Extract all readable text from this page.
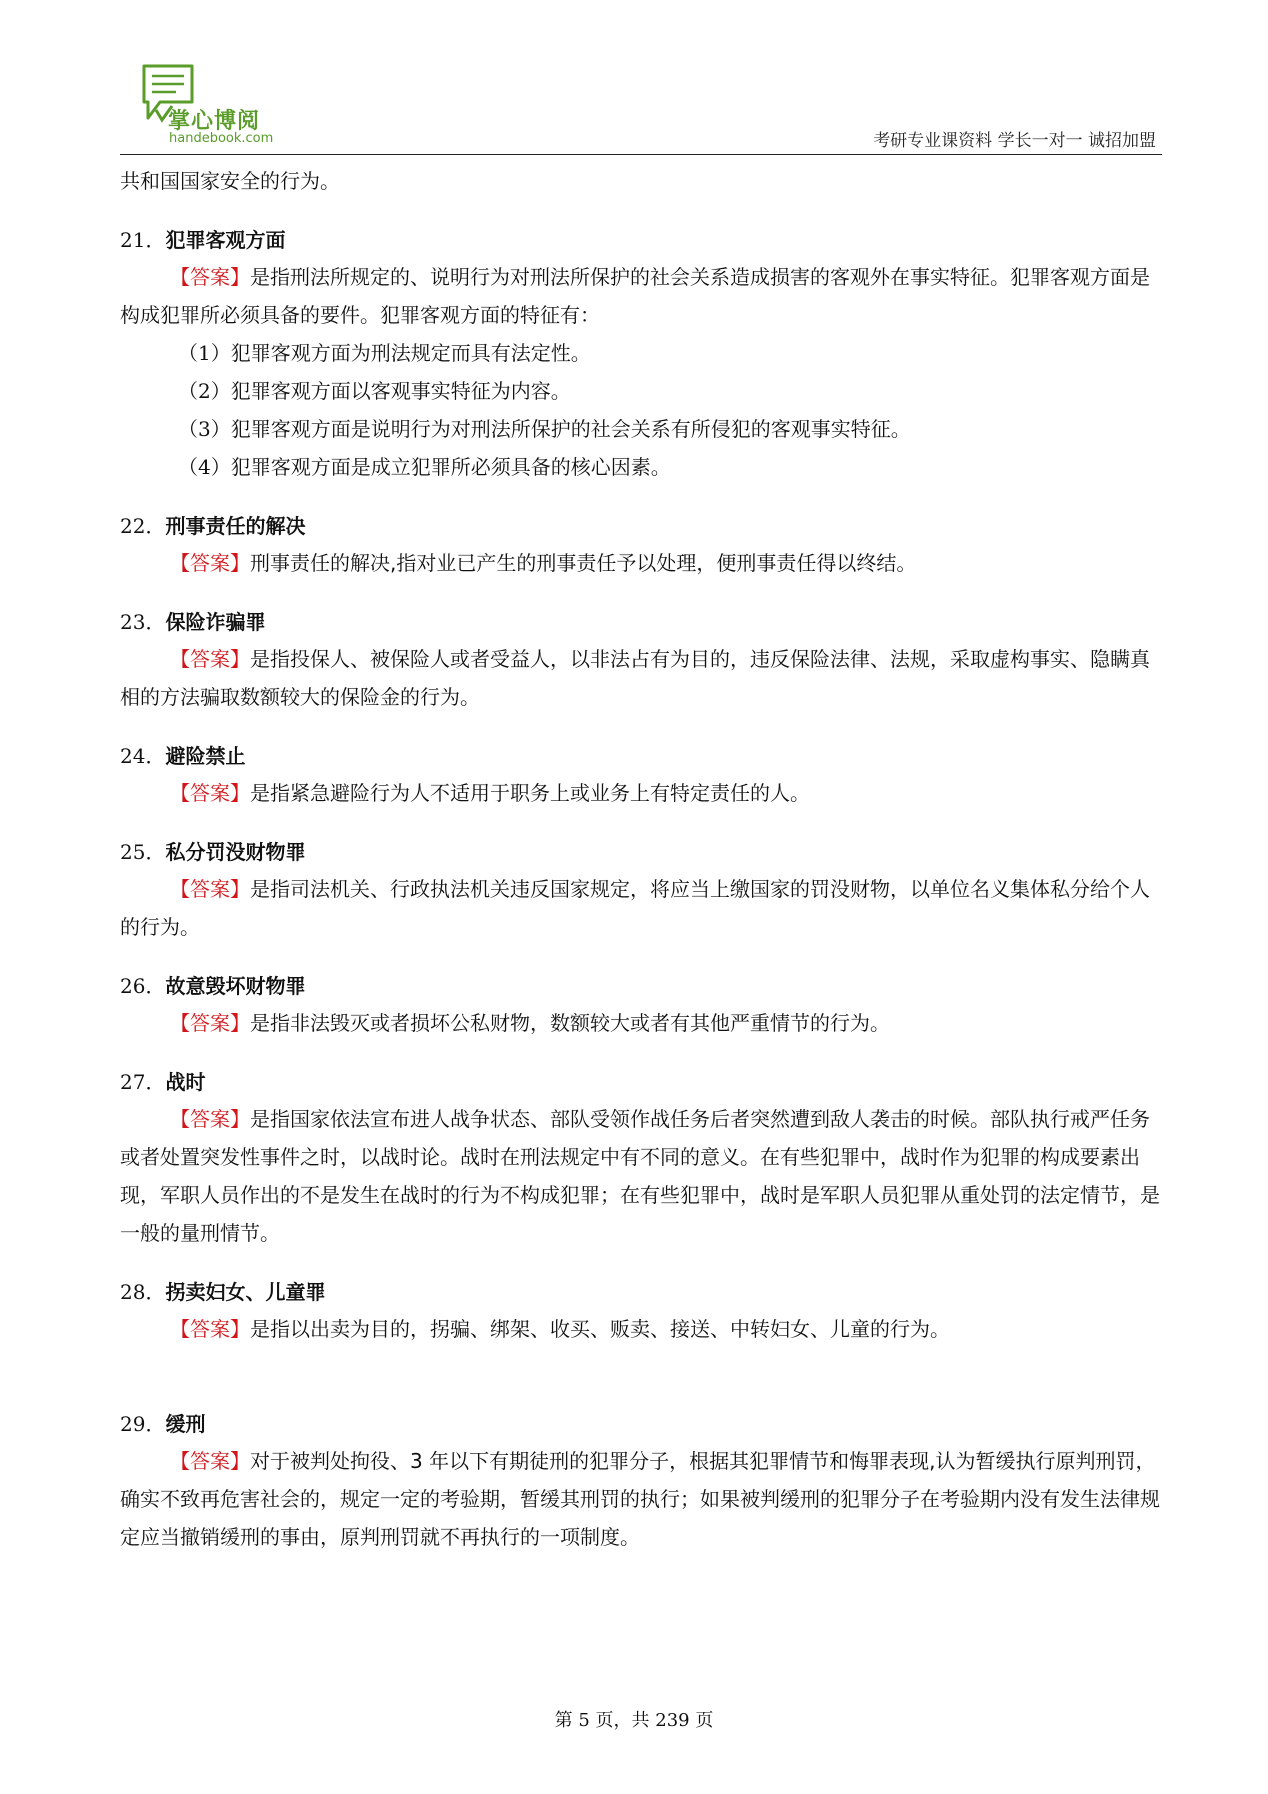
掌心博阅
handebook.com	考研专业课资料 学长一对一 诚招加盟

共和国国家安全的行为。

21．犯罪客观方面

【答案】是指刑法所规定的、说明行为对刑法所保护的社会关系造成损害的客观外在事实特征。犯罪客观方面是构成犯罪所必须具备的要件。犯罪客观方面的特征有：

（1）犯罪客观方面为刑法规定而具有法定性。

（2）犯罪客观方面以客观事实特征为内容。

（3）犯罪客观方面是说明行为对刑法所保护的社会关系有所侵犯的客观事实特征。

（4）犯罪客观方面是成立犯罪所必须具备的核心因素。

22．刑事责任的解决

【答案】刑事责任的解决,指对业已产生的刑事责任予以处理，便刑事责任得以终结。

23．保险诈骗罪

【答案】是指投保人、被保险人或者受益人，以非法占有为目的，违反保险法律、法规，采取虚构事实、隐瞒真相的方法骗取数额较大的保险金的行为。

24．避险禁止

【答案】是指紧急避险行为人不适用于职务上或业务上有特定责任的人。

25．私分罚没财物罪

【答案】是指司法机关、行政执法机关违反国家规定，将应当上缴国家的罚没财物，以单位名义集体私分给个人的行为。

26．故意毁坏财物罪

【答案】是指非法毁灭或者损坏公私财物，数额较大或者有其他严重情节的行为。

27．战时

【答案】是指国家依法宣布进人战争状态、部队受领作战任务后者突然遭到敌人袭击的时候。部队执行戒严任务或者处置突发性事件之时，以战时论。战时在刑法规定中有不同的意义。在有些犯罪中，战时作为犯罪的构成要素出现，军职人员作出的不是发生在战时的行为不构成犯罪；在有些犯罪中，战时是军职人员犯罪从重处罚的法定情节，是一般的量刑情节。

28．拐卖妇女、儿童罪

【答案】是指以出卖为目的，拐骗、绑架、收买、贩卖、接送、中转妇女、儿童的行为。

29．缓刑

【答案】对于被判处拘役、3 年以下有期徒刑的犯罪分子，根据其犯罪情节和悔罪表现,认为暂缓执行原判刑罚，确实不致再危害社会的，规定一定的考验期，暂缓其刑罚的执行；如果被判缓刑的犯罪分子在考验期内没有发生法律规定应当撤销缓刑的事由，原判刑罚就不再执行的一项制度。

第 5 页，共 239 页
